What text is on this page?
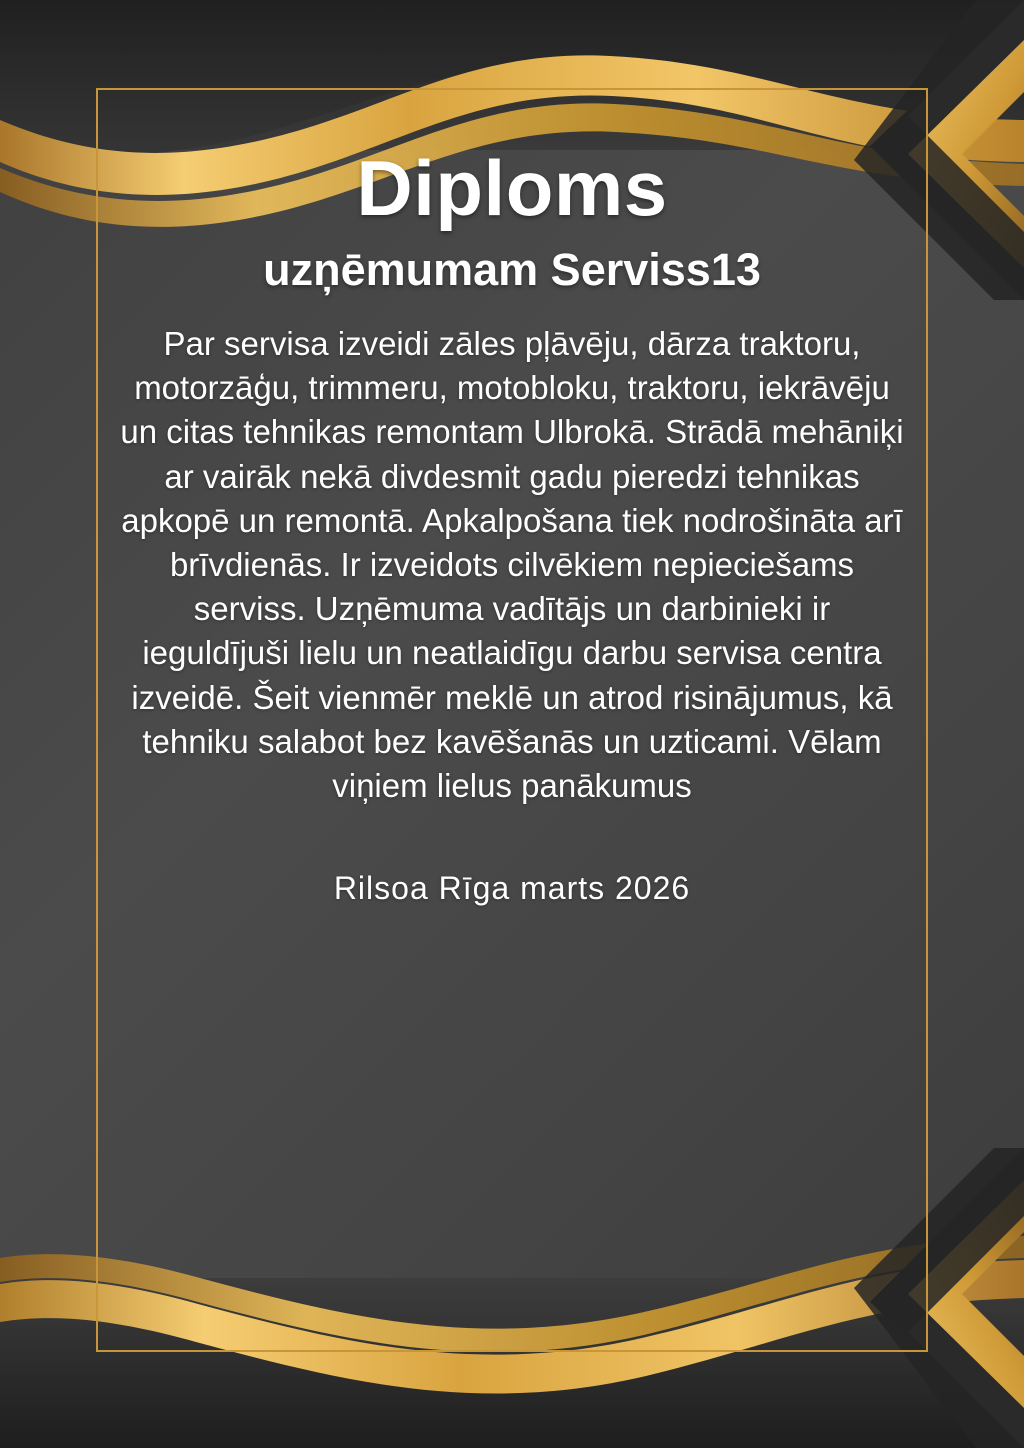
Diploms
uzņēmumam Serviss13
Par servisa izveidi zāles pļāvēju, dārza traktoru, motorzāģu, trimmeru, motobloku, traktoru, iekrāvēju un citas tehnikas remontam Ulbrokā. Strādā mehāniķi ar vairāk nekā divdesmit gadu pieredzi tehnikas apkopē un remontā. Apkalpošana tiek nodrošināta arī brīvdienās. Ir izveidots cilvēkiem nepieciešams serviss. Uzņēmuma vadītājs un darbinieki ir ieguldījuši lielu un neatlaidīgu darbu servisa centra izveidē. Šeit vienmēr meklē un atrod risinājumus, kā tehniku salabot bez kavēšanās un uzticami. Vēlam viņiem lielus panākumus
Rilsoa Rīga marts 2026
